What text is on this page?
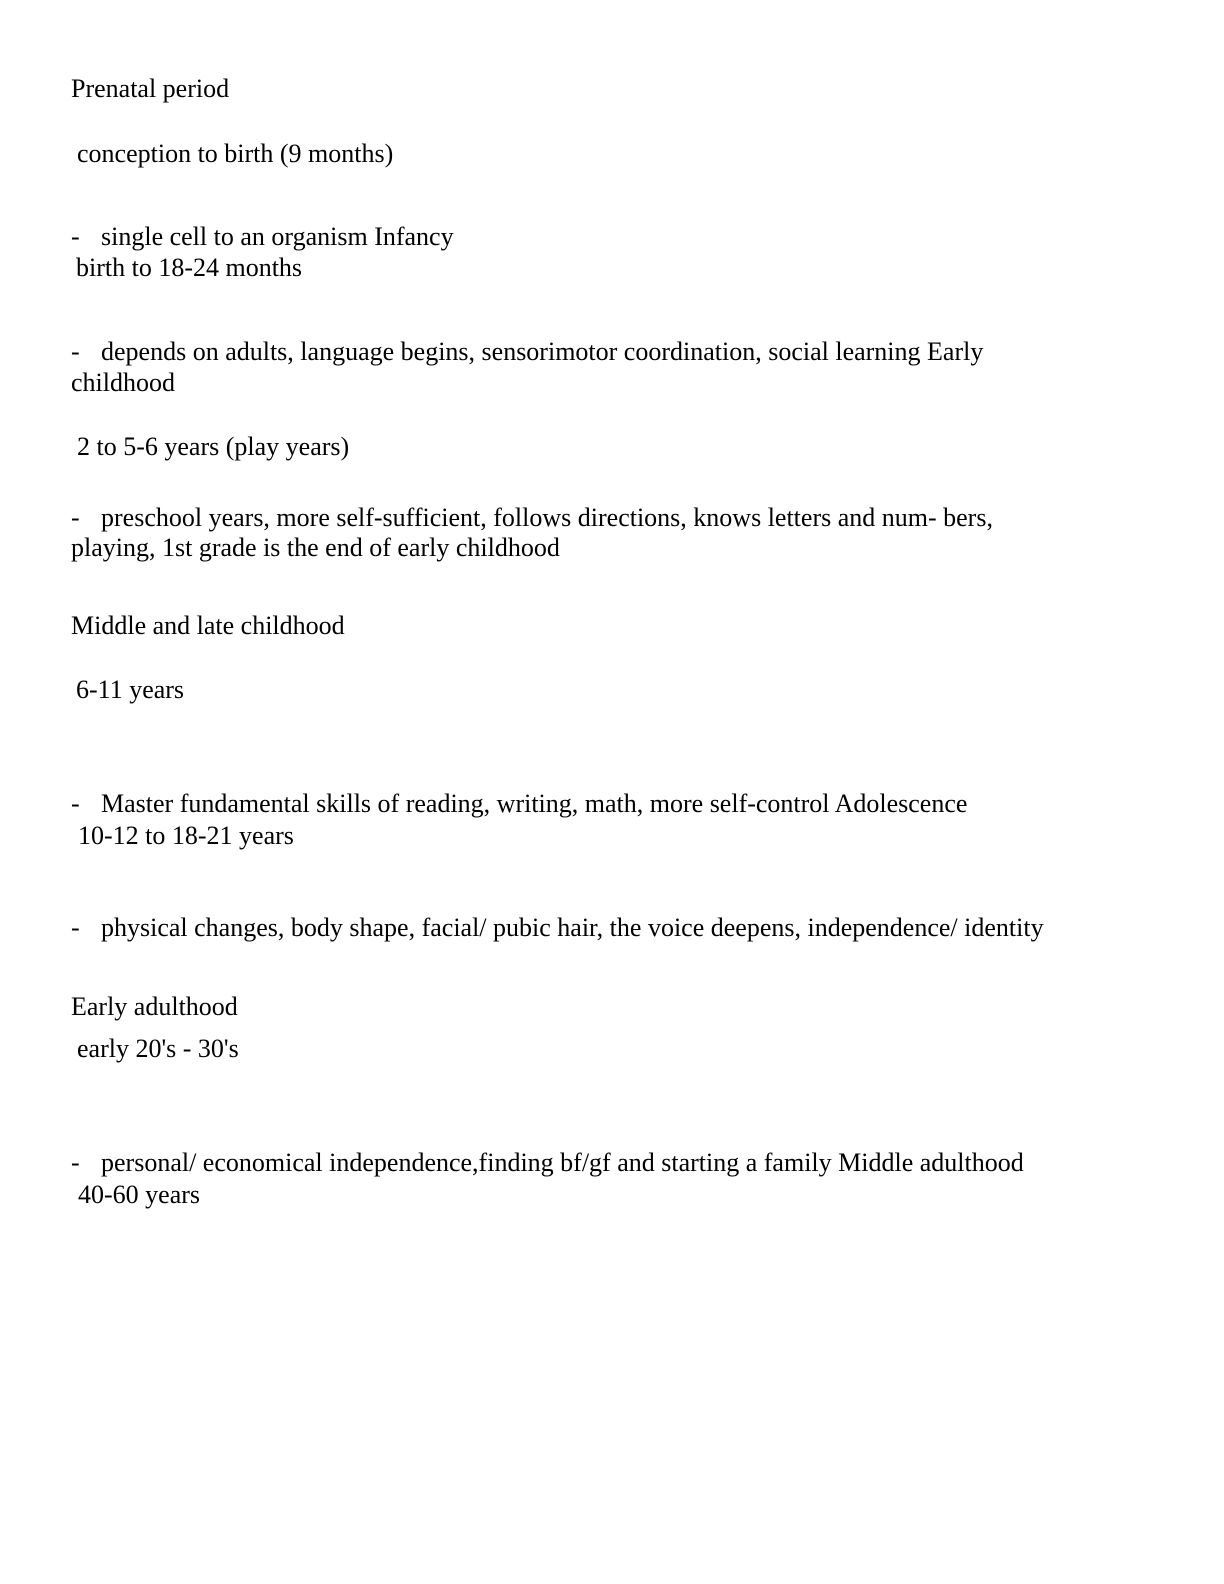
Prenatal period
conception to birth (9 months)
- single cell to an organism Infancy
birth to 18-24 months
- depends on adults, language begins, sensorimotor coordination, social learning Early
childhood
2 to 5-6 years (play years)
- preschool years, more self-sufficient, follows directions, knows letters and num- bers,
playing, 1st grade is the end of early childhood
Middle and late childhood
6-11 years
- Master fundamental skills of reading, writing, math, more self-control Adolescence
10-12 to 18-21 years
- physical changes, body shape, facial/ pubic hair, the voice deepens, independence/ identity
Early adulthood
early 20's - 30's
- personal/ economical independence,finding bf/gf and starting a family Middle adulthood
40-60 years
